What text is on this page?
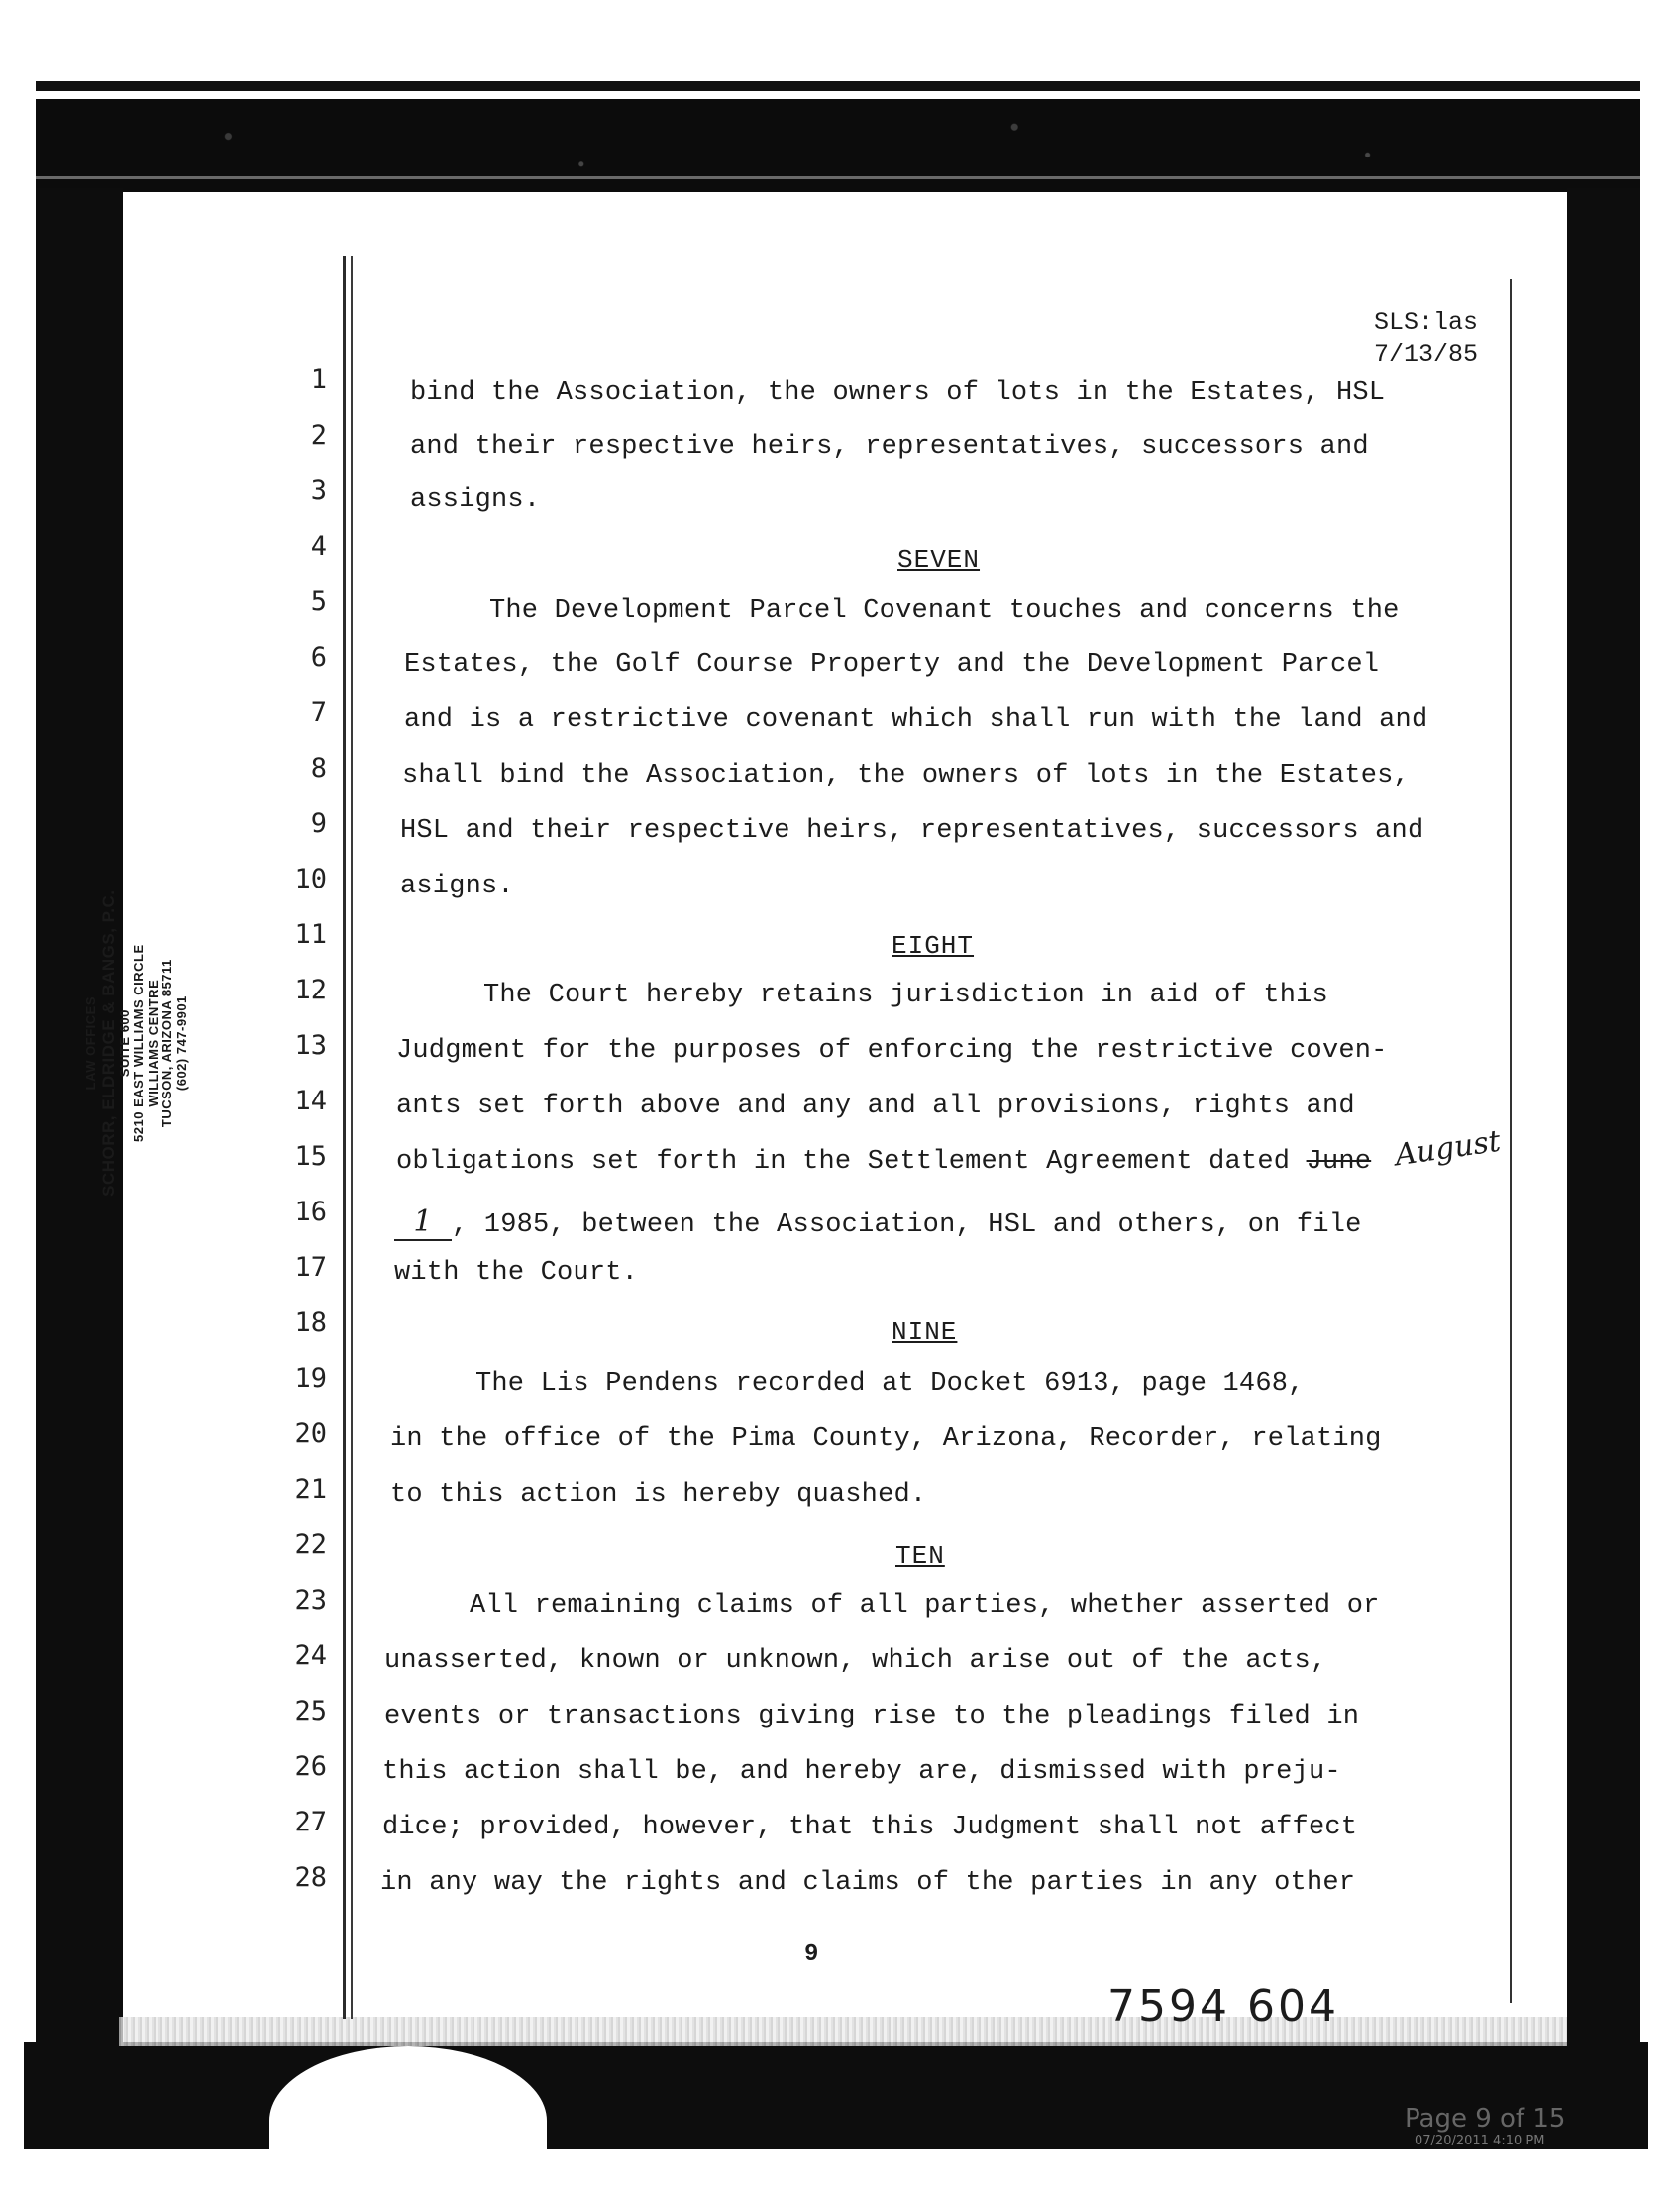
SLS:las
7/13/85
LAW OFFICES SCHORR, ELDRIDGE & BANGS, P.C. SUITE 600 5210 EAST WILLIAMS CIRCLE WILLIAMS CENTRE TUCSON, ARIZONA 85711 (602) 747-9901
1
2
3
4
5
6
7
8
9
10
11
12
13
14
15
16
17
18
19
20
21
22
23
24
25
26
27
28
bind the Association, the owners of lots in the Estates, HSL
and their respective heirs, representatives, successors and
assigns.
SEVEN
The Development Parcel Covenant touches and concerns the
Estates, the Golf Course Property and the Development Parcel
and is a restrictive covenant which shall run with the land and
shall bind the Association, the owners of lots in the Estates,
HSL and their respective heirs, representatives, successors and
asigns.
EIGHT
The Court hereby retains jurisdiction in aid of this
Judgment for the purposes of enforcing the restrictive coven-
ants set forth above and any and all provisions, rights and
obligations set forth in the Settlement Agreement dated June August
1 , 1985, between the Association, HSL and others, on file
with the Court.
NINE
The Lis Pendens recorded at Docket 6913, page 1468,
in the office of the Pima County, Arizona, Recorder, relating
to this action is hereby quashed.
TEN
All remaining claims of all parties, whether asserted or
unasserted, known or unknown, which arise out of the acts,
events or transactions giving rise to the pleadings filed in
this action shall be, and hereby are, dismissed with preju-
dice; provided, however, that this Judgment shall not affect
in any way the rights and claims of the parties in any other
9
7594 604
Page 9 of 15
07/20/2011 4:10 PM
